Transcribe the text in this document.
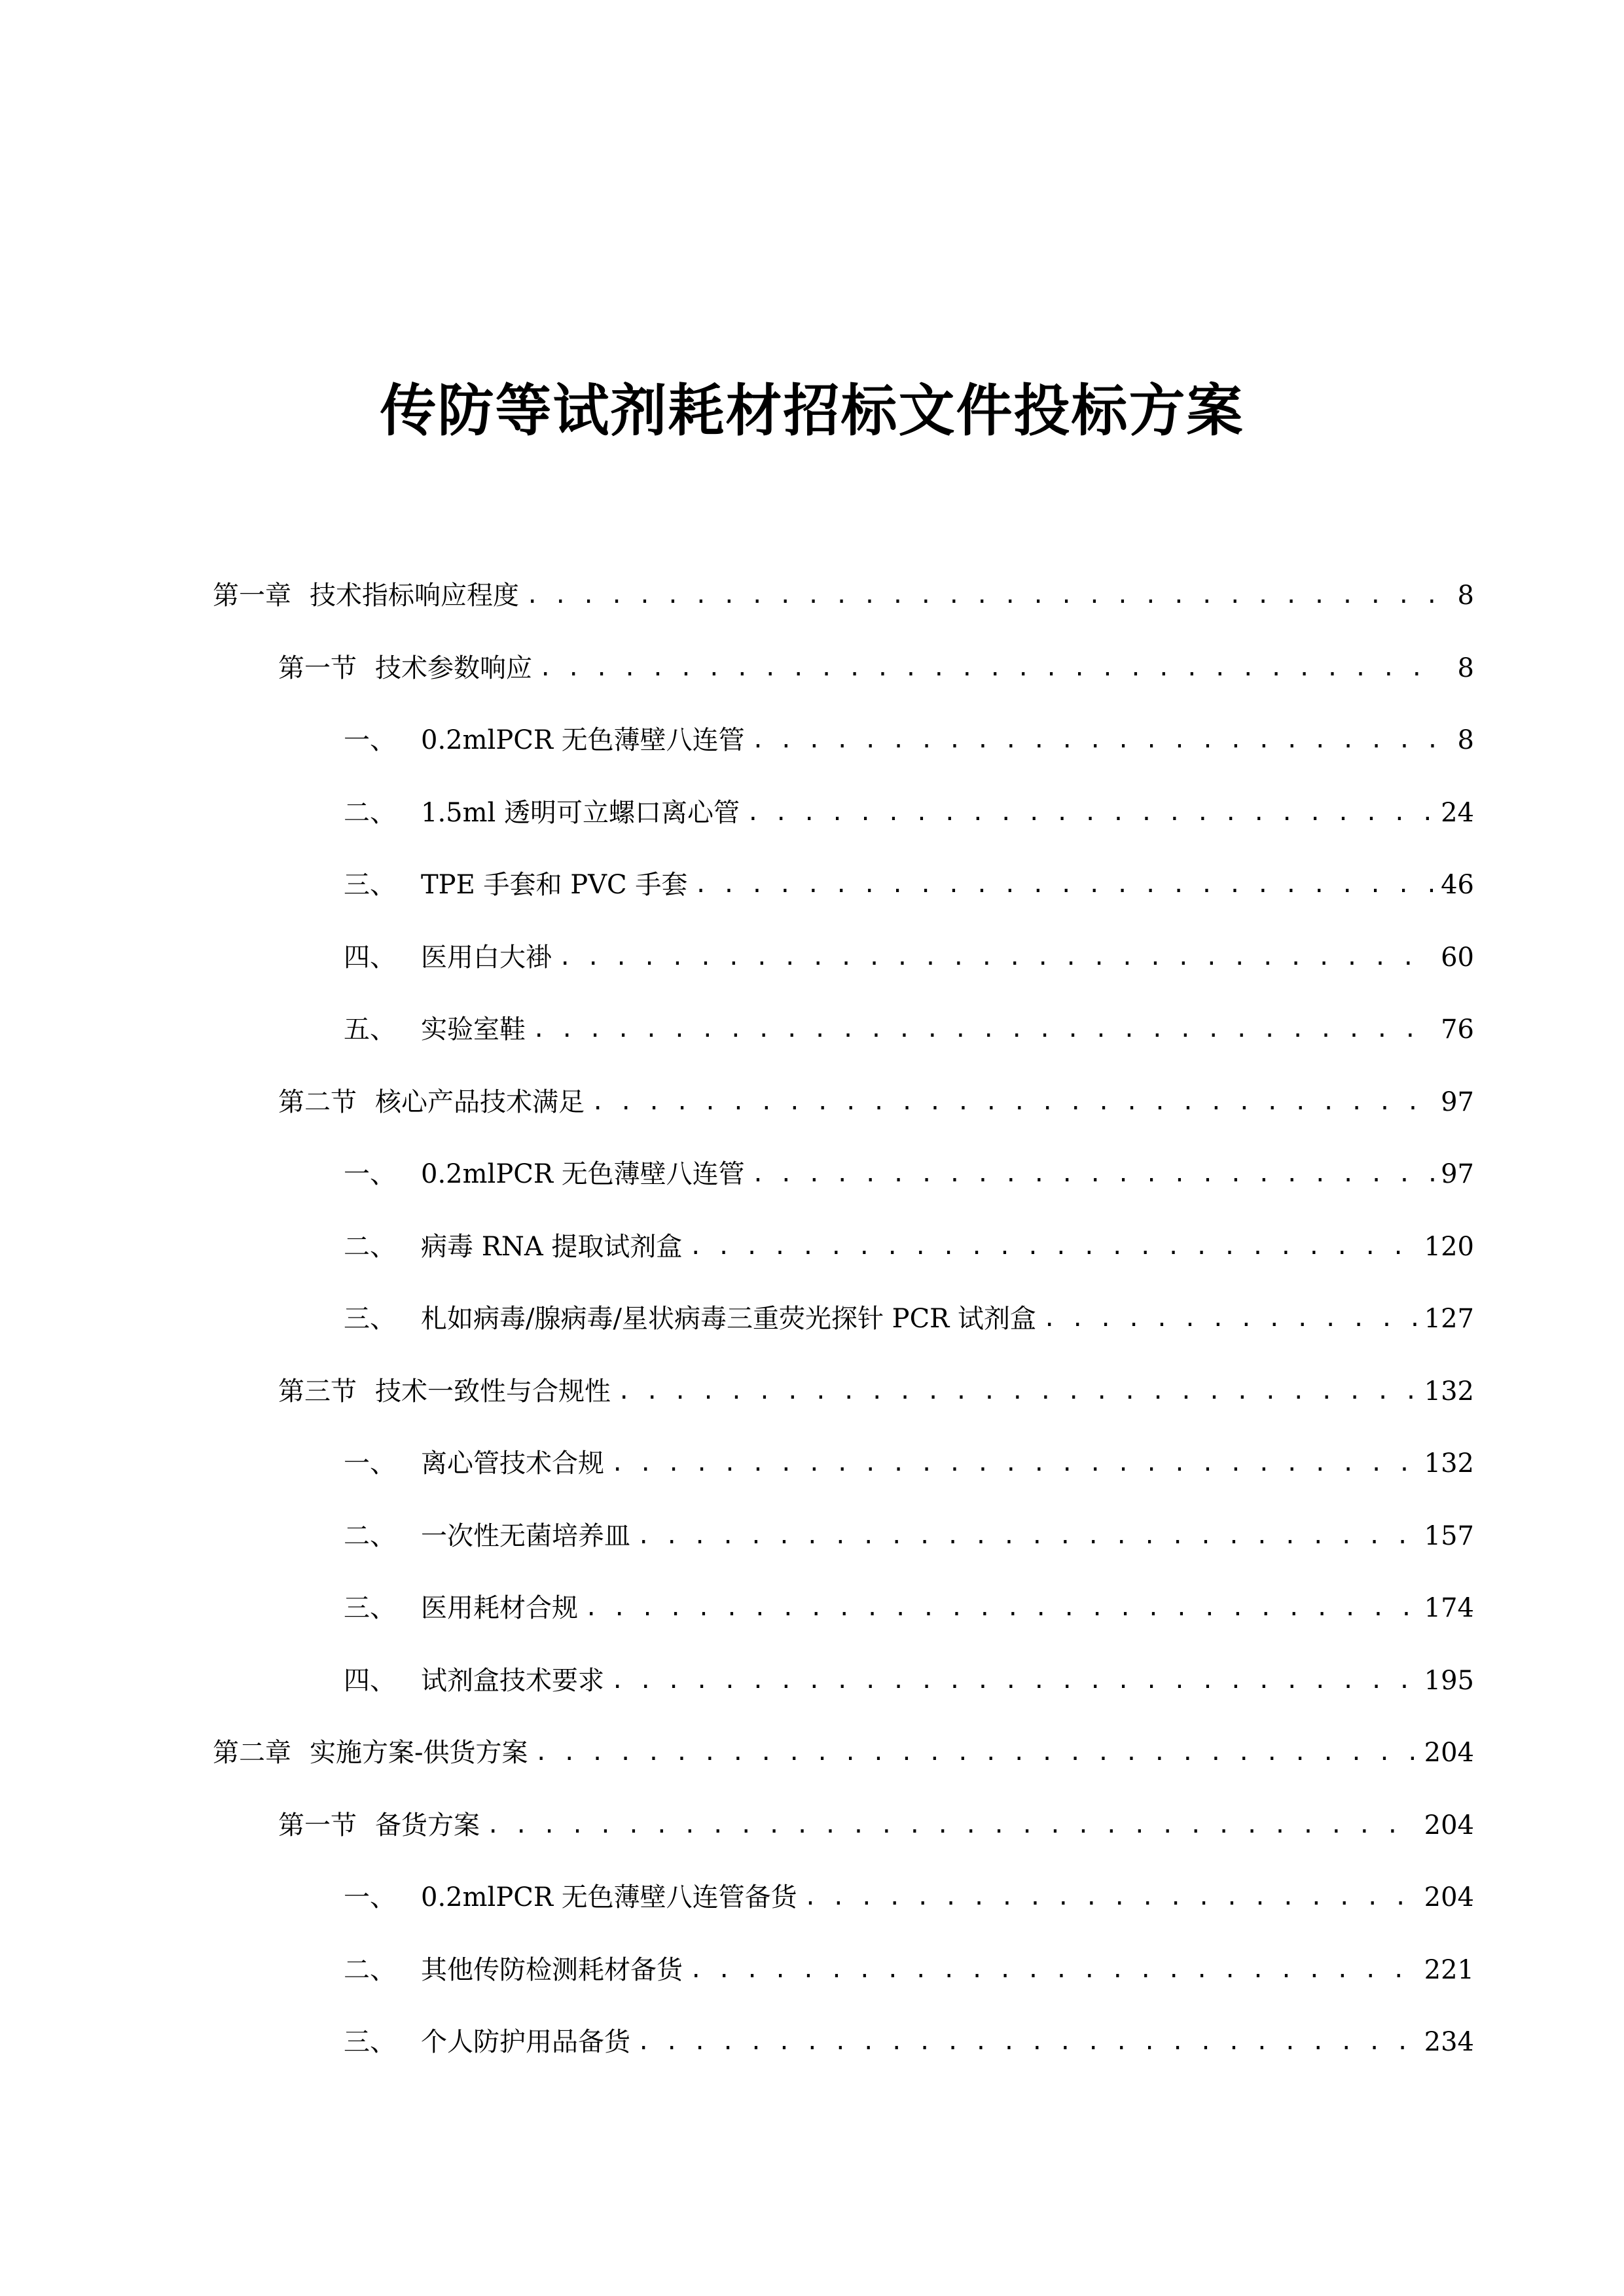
传防等试剂耗材招标文件投标方案
第一章 技术指标响应程度 . . .	8
第一节 技术参数响应 . . .	8
一、 0.2mlPCR 无色薄壁八连管 . . .	8
二、 1.5ml 透明可立螺口离心管 . . .	24
三、 TPE 手套和 PVC 手套 . . .	46
四、 医用白大褂 . . .	60
五、 实验室鞋 . . .	76
第二节 核心产品技术满足 . . .	97
一、 0.2mlPCR 无色薄壁八连管 . . .	97
二、 病毒 RNA 提取试剂盒 . . .	120
三、 札如病毒/腺病毒/星状病毒三重荧光探针 PCR 试剂盒 . . .	127
第三节 技术一致性与合规性 . . .	132
一、 离心管技术合规 . . .	132
二、 一次性无菌培养皿 . . .	157
三、 医用耗材合规 . . .	174
四、 试剂盒技术要求 . . .	195
第二章 实施方案-供货方案 . . .	204
第一节 备货方案 . . .	204
一、 0.2mlPCR 无色薄壁八连管备货 . . .	204
二、 其他传防检测耗材备货 . . .	221
三、 个人防护用品备货 . . .	234
